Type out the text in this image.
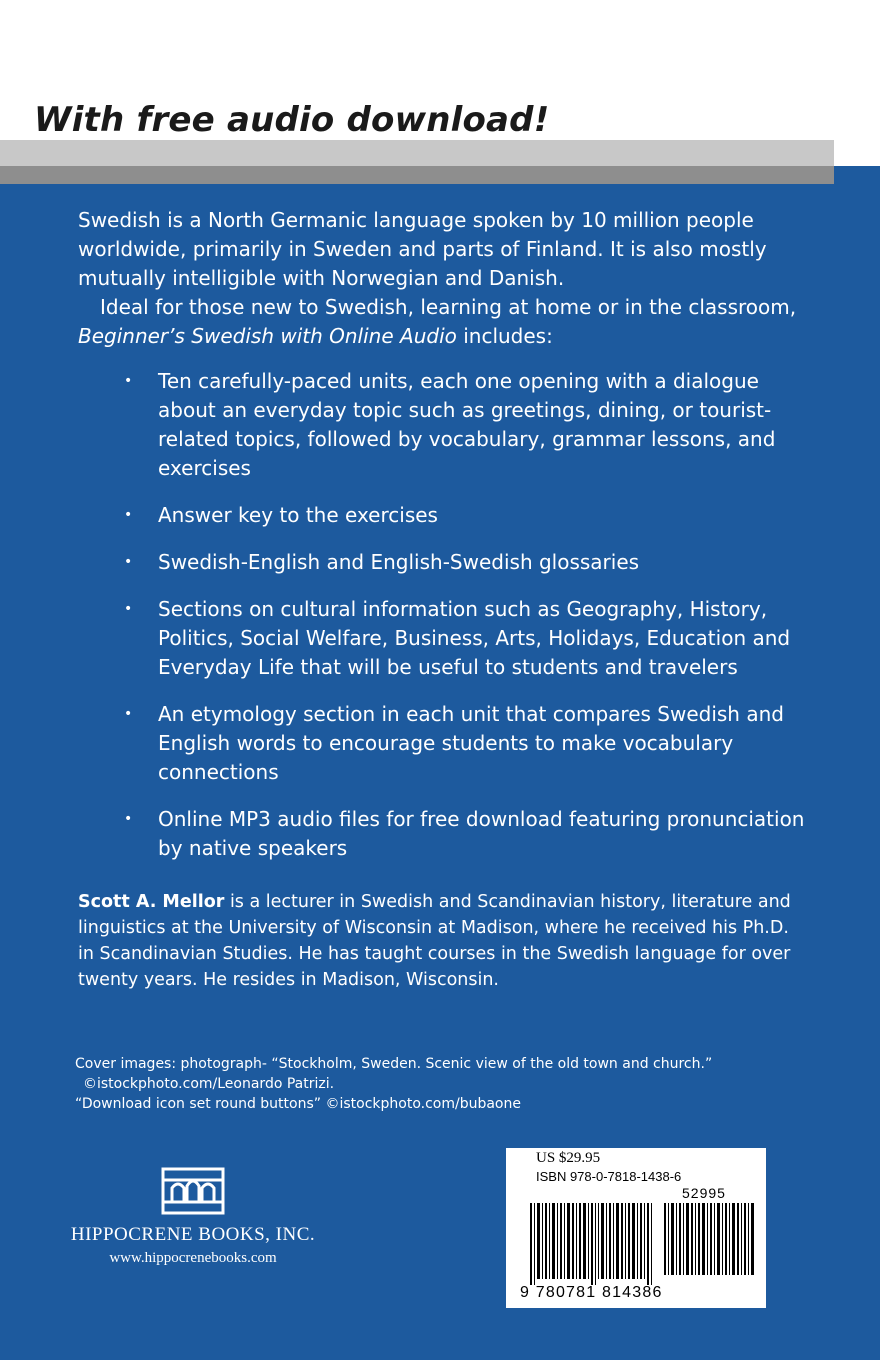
With free audio download!

Swedish is a North Germanic language spoken by 10 million people worldwide, primarily in Sweden and parts of Finland. It is also mostly mutually intelligible with Norwegian and Danish.

Ideal for those new to Swedish, learning at home or in the classroom, Beginner’s Swedish with Online Audio includes:

• Ten carefully-paced units, each one opening with a dialogue about an everyday topic such as greetings, dining, or tourist-related topics, followed by vocabulary, grammar lessons, and exercises
• Answer key to the exercises
• Swedish-English and English-Swedish glossaries
• Sections on cultural information such as Geography, History, Politics, Social Welfare, Business, Arts, Holidays, Education and Everyday Life that will be useful to students and travelers
• An etymology section in each unit that compares Swedish and English words to encourage students to make vocabulary connections
• Online MP3 audio files for free download featuring pronunciation by native speakers

Scott A. Mellor is a lecturer in Swedish and Scandinavian history, literature and linguistics at the University of Wisconsin at Madison, where he received his Ph.D. in Scandinavian Studies. He has taught courses in the Swedish language for over twenty years. He resides in Madison, Wisconsin.

Cover images: photograph- “Stockholm, Sweden. Scenic view of the old town and church.”
©istockphoto.com/Leonardo Patrizi.
“Download icon set round buttons” ©istockphoto.com/bubaone
HIPPOCRENE BOOKS, INC.
www.hippocrenebooks.com
US $29.95
ISBN 978-0-7818-1438-6
52995
9 780781 814386
